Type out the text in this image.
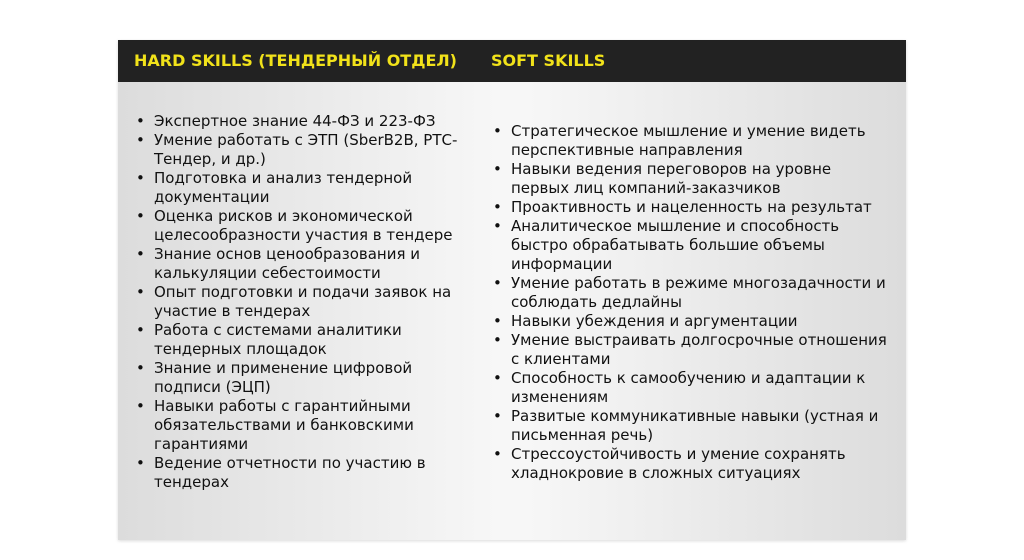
HARD SKILLS (ТЕНДЕРНЫЙ ОТДЕЛ) SOFT SKILLS
• Экспертное знание 44-ФЗ и 223-ФЗ
• Умение работать с ЭТП (SberB2B, РТС-Тендер, и др.)
• Подготовка и анализ тендерной документации
• Оценка рисков и экономической целесообразности участия в тендере
• Знание основ ценообразования и калькуляции себестоимости
• Опыт подготовки и подачи заявок на участие в тендерах
• Работа с системами аналитики тендерных площадок
• Знание и применение цифровой подписи (ЭЦП)
• Навыки работы с гарантийными обязательствами и банковскими гарантиями
• Ведение отчетности по участию в тендерах
• Стратегическое мышление и умение видеть перспективные направления
• Навыки ведения переговоров на уровне первых лиц компаний-заказчиков
• Проактивность и нацеленность на результат
• Аналитическое мышление и способность быстро обрабатывать большие объемы информации
• Умение работать в режиме многозадачности и соблюдать дедлайны
• Навыки убеждения и аргументации
• Умение выстраивать долгосрочные отношения с клиентами
• Способность к самообучению и адаптации к изменениям
• Развитые коммуникативные навыки (устная и письменная речь)
• Стрессоустойчивость и умение сохранять хладнокровие в сложных ситуациях
